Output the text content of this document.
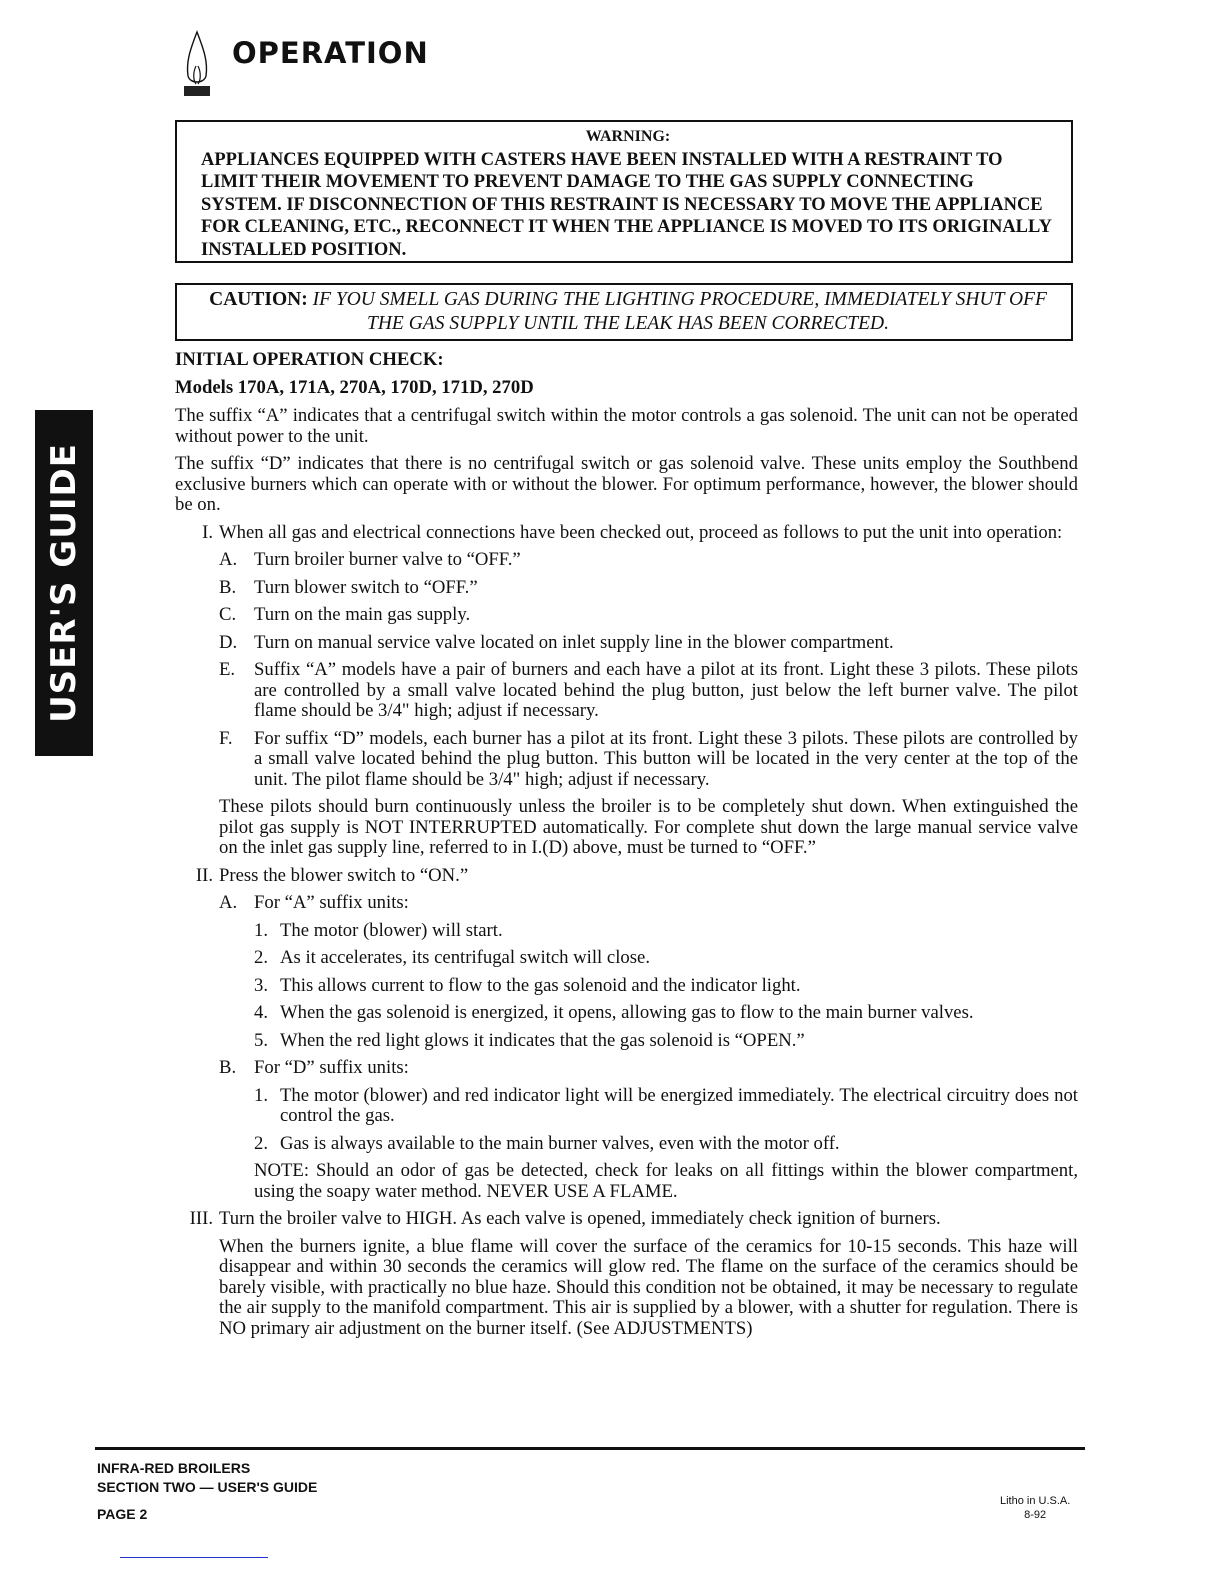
OPERATION
WARNING:
APPLIANCES EQUIPPED WITH CASTERS HAVE BEEN INSTALLED WITH A RESTRAINT TO LIMIT THEIR MOVEMENT TO PREVENT DAMAGE TO THE GAS SUPPLY CONNECTING SYSTEM. IF DISCONNECTION OF THIS RESTRAINT IS NECESSARY TO MOVE THE APPLIANCE FOR CLEANING, ETC., RECONNECT IT WHEN THE APPLIANCE IS MOVED TO ITS ORIGINALLY INSTALLED POSITION.
CAUTION: IF YOU SMELL GAS DURING THE LIGHTING PROCEDURE, IMMEDIATELY SHUT OFF THE GAS SUPPLY UNTIL THE LEAK HAS BEEN CORRECTED.
USER'S GUIDE

INITIAL OPERATION CHECK:

Models 170A, 171A, 270A, 170D, 171D, 270D

The suffix “A” indicates that a centrifugal switch within the motor controls a gas solenoid. The unit can not be operated without power to the unit.

The suffix “D” indicates that there is no centrifugal switch or gas solenoid valve. These units employ the Southbend exclusive burners which can operate with or without the blower. For optimum performance, however, the blower should be on.

I. When all gas and electrical connections have been checked out, proceed as follows to put the unit into operation:
A. Turn broiler burner valve to “OFF.”
B. Turn blower switch to “OFF.”
C. Turn on the main gas supply.
D. Turn on manual service valve located on inlet supply line in the blower compartment.
E.	Suffix “A” models have a pair of burners and each have a pilot at its front. Light these 3 pilots. These pilots are controlled by a small valve located behind the plug button, just below the left burner valve. The pilot flame should be 3/4" high; adjust if necessary.
F.	For suffix “D” models, each burner has a pilot at its front. Light these 3 pilots. These pilots are controlled by a small valve located behind the plug button. This button will be located in the very center at the top of the unit. The pilot flame should be 3/4" high; adjust if necessary.

These pilots should burn continuously unless the broiler is to be completely shut down. When extinguished the pilot gas supply is NOT INTERRUPTED automatically. For complete shut down the large manual service valve on the inlet gas supply line, referred to in I.(D) above, must be turned to “OFF.”

II. Press the blower switch to “ON.”
A. For “A” suffix units:
1. The motor (blower) will start.
2. As it accelerates, its centrifugal switch will close.
3. This allows current to flow to the gas solenoid and the indicator light.
4. When the gas solenoid is energized, it opens, allowing gas to flow to the main burner valves.
5. When the red light glows it indicates that the gas solenoid is “OPEN.”
B. For “D” suffix units:
1. The motor (blower) and red indicator light will be energized immediately. The electrical circuitry does not control the gas.
2. Gas is always available to the main burner valves, even with the motor off.

NOTE: Should an odor of gas be detected, check for leaks on all fittings within the blower compartment, using the soapy water method. NEVER USE A FLAME.

III. Turn the broiler valve to HIGH. As each valve is opened, immediately check ignition of burners.

When the burners ignite, a blue flame will cover the surface of the ceramics for 10-15 seconds. This haze will disappear and within 30 seconds the ceramics will glow red. The flame on the surface of the ceramics should be barely visible, with practically no blue haze. Should this condition not be obtained, it may be necessary to regulate the air supply to the manifold compartment. This air is supplied by a blower, with a shutter for regulation. There is NO primary air adjustment on the burner itself. (See ADJUSTMENTS)

INFRA-RED BROILERS
SECTION TWO — USER'S GUIDE
PAGE 2
Litho in U.S.A.
8-92
